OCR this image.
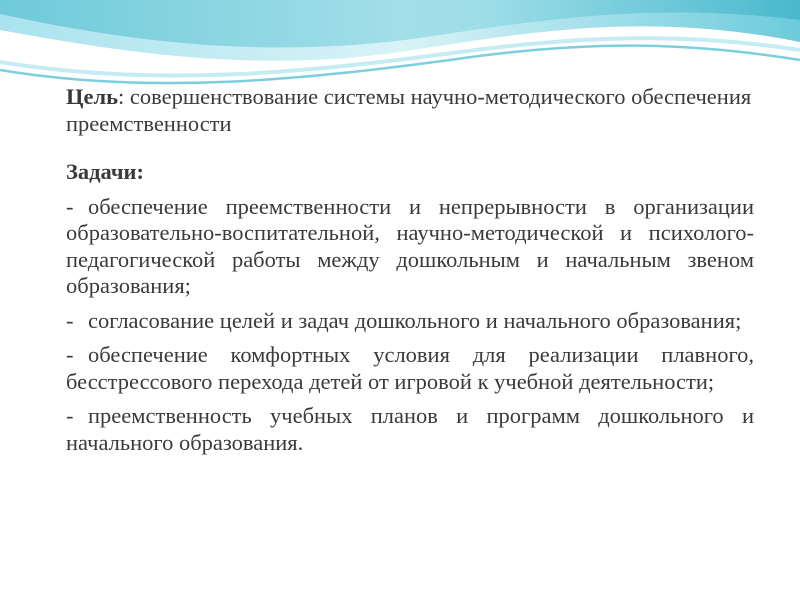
Цель: совершенствование системы научно-методического обеспечения преемственности
Задачи:
- обеспечение преемственности и непрерывности в организации образовательно-воспитательной, научно-методической и психолого-педагогической работы между дошкольным и начальным звеном образования;
- согласование целей и задач дошкольного и начального образования;
- обеспечение комфортных условия для реализации плавного, бесстрессового перехода детей от игровой к учебной деятельности;
- преемственность учебных планов и программ дошкольного и начального образования.
